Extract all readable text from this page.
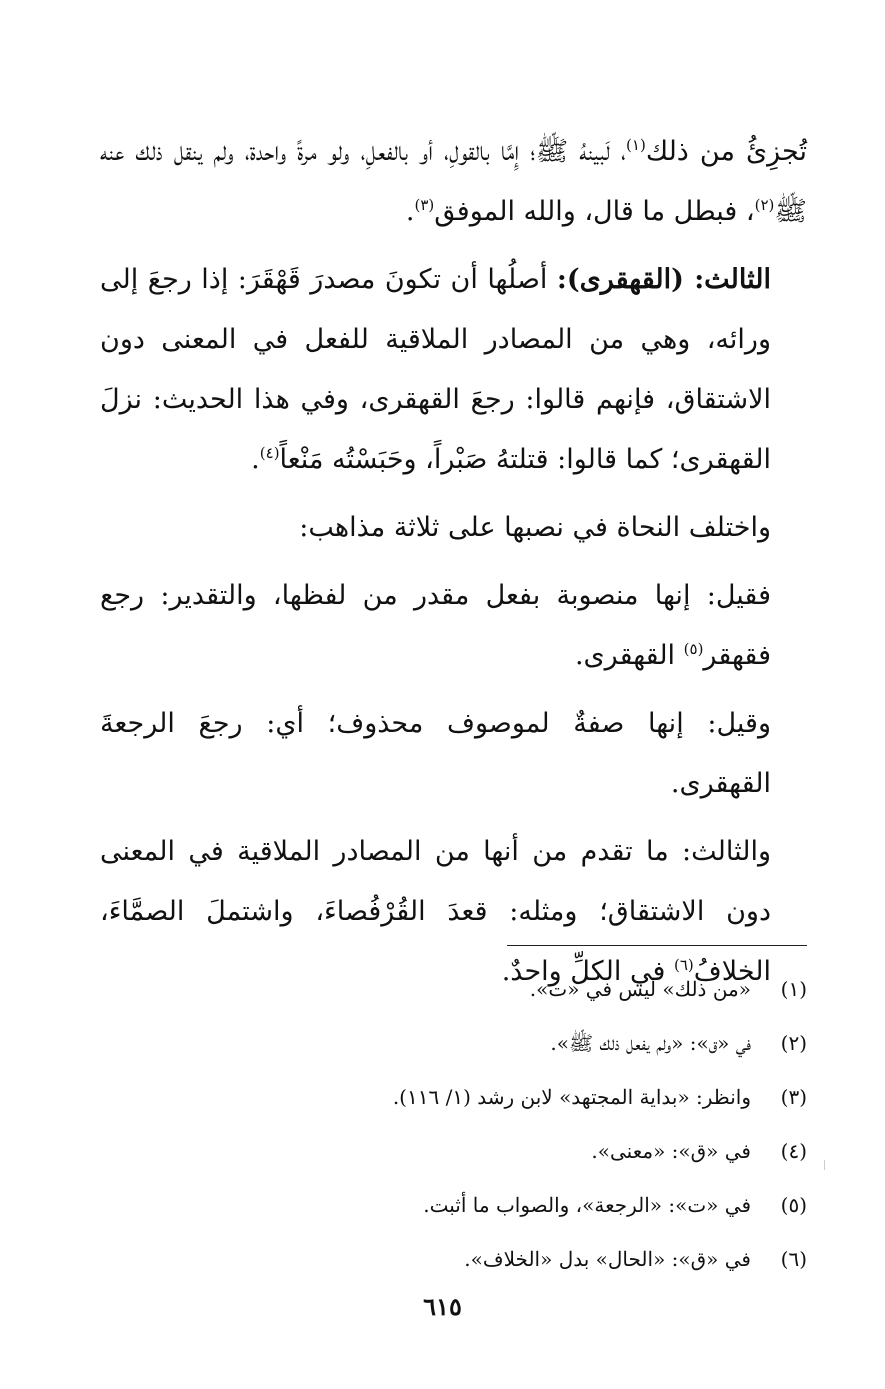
تُجزِئُ من ذلك$^{(١)}$، لَبينهُ ﷺ؛ إِمَّا بالقولِ، أو بالفعلِ، ولو مرةً واحدة، ولم ينقل ذلك عنه ﷺ$^{(٢)}$، فبطل ما قال، والله الموفق$^{(٣)}$.

الثالث: (القهقرى): أصلُها أن تكونَ مصدرَ قَهْقَرَ: إذا رجعَ إلى ورائه، وهي من المصادر الملاقية للفعل في المعنى دون الاشتقاق، فإنهم قالوا: رجعَ القهقرى، وفي هذا الحديث: نزلَ القهقرى؛ كما قالوا: قتلتهُ صَبْراً، وحَبَسْتُه مَنْعاً$^{(٤)}$.

واختلف النحاة في نصبها على ثلاثة مذاهب:

فقيل: إنها منصوبة بفعل مقدر من لفظها، والتقدير: رجع فقهقر$^{(٥)}$ القهقرى.

وقيل: إنها صفةٌ لموصوف محذوف؛ أي: رجعَ الرجعةَ القهقرى.

والثالث: ما تقدم من أنها من المصادر الملاقية في المعنى دون الاشتقاق؛ ومثله: قعدَ القُرْفُصاءَ، واشتملَ الصمَّاءَ، الخلافُ$^{(٦)}$ في الكلِّ واحدٌ.

(١)
«من ذلك» ليس في «ت».
(٢)
في «ق»: «ولم يفعل ذلك ﷺ».
(٣)
وانظر: «بداية المجتهد» لابن رشد (١/ ١١٦).
(٤)
في «ق»: «معنى».
(٥)
في «ت»: «الرجعة»، والصواب ما أثبت.
(٦)
في «ق»: «الحال» بدل «الخلاف».
٦١٥
